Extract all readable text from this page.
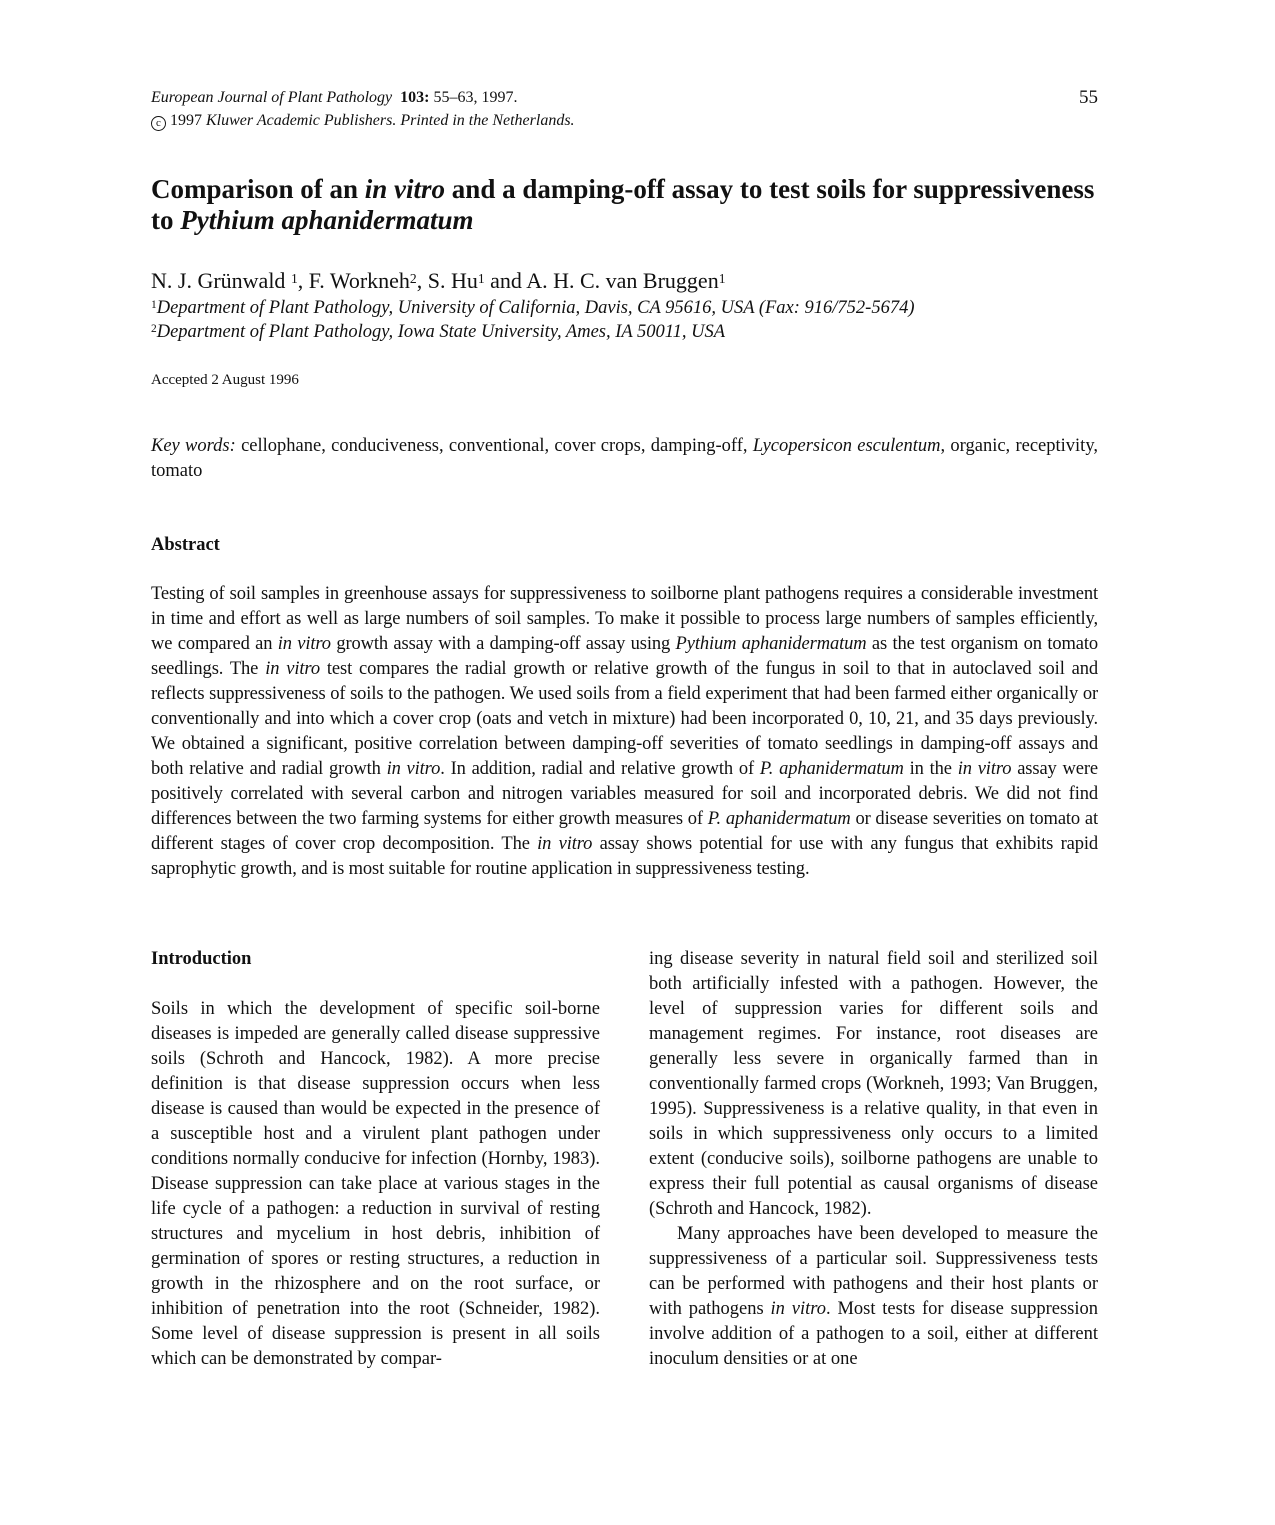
European Journal of Plant Pathology 103: 55–63, 1997.
c 1997 Kluwer Academic Publishers. Printed in the Netherlands.
55
Comparison of an in vitro and a damping-off assay to test soils for suppressiveness to Pythium aphanidermatum
N. J. Grünwald $^1$, F. Workneh$^2$, S. Hu$^1$ and A. H. C. van Bruggen$^1$
$^1$Department of Plant Pathology, University of California, Davis, CA 95616, USA (Fax: 916/752-5674)
$^2$Department of Plant Pathology, Iowa State University, Ames, IA 50011, USA
Accepted 2 August 1996
Key words: cellophane, conduciveness, conventional, cover crops, damping-off, Lycopersicon esculentum, organic, receptivity, tomato
Abstract

Testing of soil samples in greenhouse assays for suppressiveness to soilborne plant pathogens requires a considerable investment in time and effort as well as large numbers of soil samples. To make it possible to process large numbers of samples efficiently, we compared an in vitro growth assay with a damping-off assay using Pythium aphanidermatum as the test organism on tomato seedlings. The in vitro test compares the radial growth or relative growth of the fungus in soil to that in autoclaved soil and reflects suppressiveness of soils to the pathogen. We used soils from a field experiment that had been farmed either organically or conventionally and into which a cover crop (oats and vetch in mixture) had been incorporated 0, 10, 21, and 35 days previously. We obtained a significant, positive correlation between damping-off severities of tomato seedlings in damping-off assays and both relative and radial growth in vitro. In addition, radial and relative growth of P. aphanidermatum in the in vitro assay were positively correlated with several carbon and nitrogen variables measured for soil and incorporated debris. We did not find differences between the two farming systems for either growth measures of P. aphanidermatum or disease severities on tomato at different stages of cover crop decomposition. The in vitro assay shows potential for use with any fungus that exhibits rapid saprophytic growth, and is most suitable for routine application in suppressiveness testing.

Introduction

Soils in which the development of specific soil-borne diseases is impeded are generally called disease suppressive soils (Schroth and Hancock, 1982). A more precise definition is that disease suppression occurs when less disease is caused than would be expected in the presence of a susceptible host and a virulent plant pathogen under conditions normally conducive for infection (Hornby, 1983). Disease suppression can take place at various stages in the life cycle of a pathogen: a reduction in survival of resting structures and mycelium in host debris, inhibition of germination of spores or resting structures, a reduction in growth in the rhizosphere and on the root surface, or inhibition of penetration into the root (Schneider, 1982). Some level of disease suppression is present in all soils which can be demonstrated by compar-

ing disease severity in natural field soil and sterilized soil both artificially infested with a pathogen. However, the level of suppression varies for different soils and management regimes. For instance, root diseases are generally less severe in organically farmed than in conventionally farmed crops (Workneh, 1993; Van Bruggen, 1995). Suppressiveness is a relative quality, in that even in soils in which suppressiveness only occurs to a limited extent (conducive soils), soilborne pathogens are unable to express their full potential as causal organisms of disease (Schroth and Hancock, 1982).
Many approaches have been developed to measure the suppressiveness of a particular soil. Suppressiveness tests can be performed with pathogens and their host plants or with pathogens in vitro. Most tests for disease suppression involve addition of a pathogen to a soil, either at different inoculum densities or at one
